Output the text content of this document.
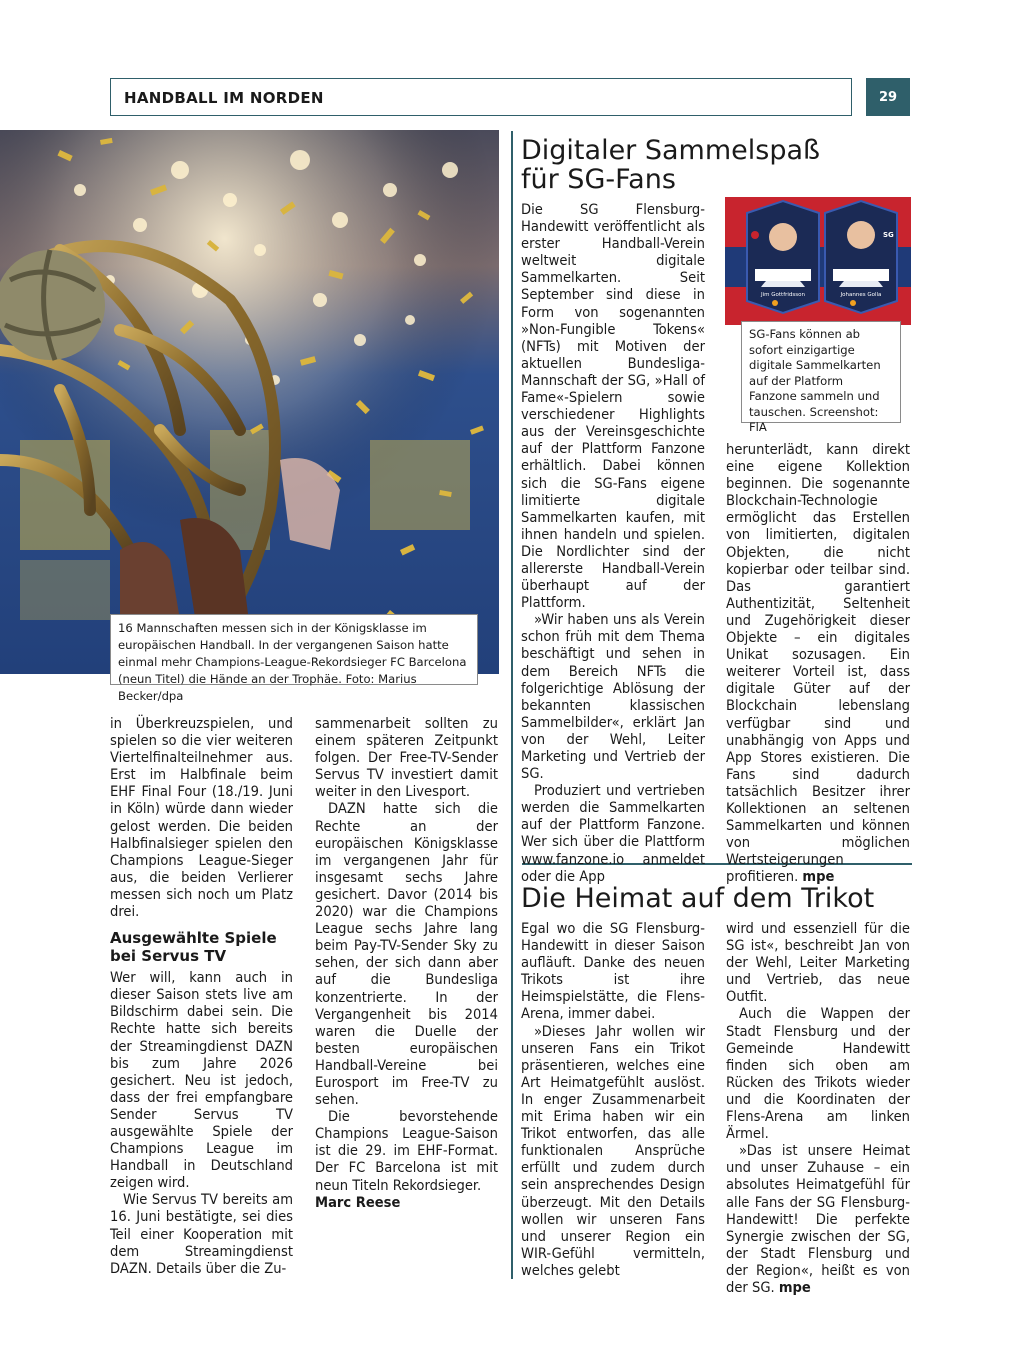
HANDBALL IM NORDEN	29
16 Mannschaften messen sich in der Königsklasse im europäischen Handball. In der vergangenen Saison hatte einmal mehr Champions-League-Rekordsieger FC Barcelona (neun Titel) die Hände an der Trophäe. Foto: Marius Becker/dpa

in Überkreuzspielen, und spielen so die vier weiteren Viertelfinalteilnehmer aus. Erst im Halbfinale beim EHF Final Four (18./19. Juni in Köln) würde dann wieder gelost werden. Die beiden Halbfinalsieger spielen den Champions League-Sieger aus, die beiden Verlierer messen sich noch um Platz drei.

Ausgewählte Spiele bei Servus TV

Wer will, kann auch in dieser Saison stets live am Bildschirm dabei sein. Die Rechte hatte sich bereits der Streamingdienst DAZN bis zum Jahre 2026 gesichert. Neu ist jedoch, dass der frei empfangbare Sender Servus TV ausgewählte Spiele der Champions League im Handball in Deutschland zeigen wird.

Wie Servus TV bereits am 16. Juni bestätigte, sei dies Teil einer Kooperation mit dem Streamingdienst DAZN. Details über die Zu-

sammenarbeit sollten zu einem späteren Zeitpunkt folgen. Der Free-TV-Sender Servus TV investiert damit weiter in den Livesport.

DAZN hatte sich die Rechte an der europäischen Königsklasse im vergangenen Jahr für insgesamt sechs Jahre gesichert. Davor (2014 bis 2020) war die Champions League sechs Jahre lang beim Pay-TV-Sender Sky zu sehen, der sich dann aber auf die Bundesliga konzentrierte. In der Vergangenheit bis 2014 waren die Duelle der besten europäischen Handball-Vereine bei Eurosport im Free-TV zu sehen.

Die bevorstehende Champions League-Saison ist die 29. im EHF-Format. Der FC Barcelona ist mit neun Titeln Rekordsieger.

Marc Reese

Digitaler Sammelspaß
für SG-Fans

Die SG Flensburg-Handewitt veröffentlicht als erster Handball-Verein weltweit digitale Sammelkarten. Seit September sind diese in Form von sogenannten »Non-Fungible Tokens« (NFTs) mit Motiven der aktuellen Bundesliga-Mannschaft der SG, »Hall of Fame«-Spielern sowie verschiedener Highlights aus der Vereinsgeschichte auf der Plattform Fanzone erhältlich. Dabei können sich die SG-Fans eigene limitierte digitale Sammelkarten kaufen, mit ihnen handeln und spielen. Die Nordlichter sind der allererste Handball-Verein überhaupt auf der Plattform.

»Wir haben uns als Verein schon früh mit dem Thema beschäftigt und sehen in dem Bereich NFTs die folgerichtige Ablösung der bekannten klassischen Sammelbilder«, erklärt Jan von der Wehl, Leiter Marketing und Vertrieb der SG.

Produziert und vertrieben werden die Sammelkarten auf der Plattform Fanzone. Wer sich über die Plattform www.fanzone.io anmeldet oder die App

Jim Gottfridsson	Johannes Golla
SG
SG-Fans können ab sofort einzigartige digitale Sammelkarten auf der Platform Fanzone sammeln und tauschen. Screenshot: FlA

herunterlädt, kann direkt eine eigene Kollektion beginnen. Die sogenannte Blockchain-Technologie ermöglicht das Erstellen von limitierten, digitalen Objekten, die nicht kopierbar oder teilbar sind. Das garantiert Authentizität, Seltenheit und Zugehörigkeit dieser Objekte – ein digitales Unikat sozusagen. Ein weiterer Vorteil ist, dass digitale Güter auf der Blockchain lebenslang verfügbar sind und unabhängig von Apps und App Stores existieren. Die Fans sind dadurch tatsächlich Besitzer ihrer Kollektionen an seltenen Sammelkarten und können von möglichen Wertsteigerungen profitieren. mpe

Die Heimat auf dem Trikot

Egal wo die SG Flensburg-Handewitt in dieser Saison aufläuft. Danke des neuen Trikots ist ihre Heimspielstätte, die Flens-Arena, immer dabei.

»Dieses Jahr wollen wir unseren Fans ein Trikot präsentieren, welches eine Art Heimatgefühlt auslöst. In enger Zusammenarbeit mit Erima haben wir ein Trikot entworfen, das alle funktionalen Ansprüche erfüllt und zudem durch sein ansprechendes Design überzeugt. Mit den Details wollen wir unseren Fans und unserer Region ein WIR-Gefühl vermitteln, welches gelebt

wird und essenziell für die SG ist«, beschreibt Jan von der Wehl, Leiter Marketing und Vertrieb, das neue Outfit.

Auch die Wappen der Stadt Flensburg und der Gemeinde Handewitt finden sich oben am Rücken des Trikots wieder und die Koordinaten der Flens-Arena am linken Ärmel.

»Das ist unsere Heimat und unser Zuhause – ein absolutes Heimatgefühl für alle Fans der SG Flensburg-Handewitt! Die perfekte Synergie zwischen der SG, der Stadt Flensburg und der Region«, heißt es von der SG. mpe
